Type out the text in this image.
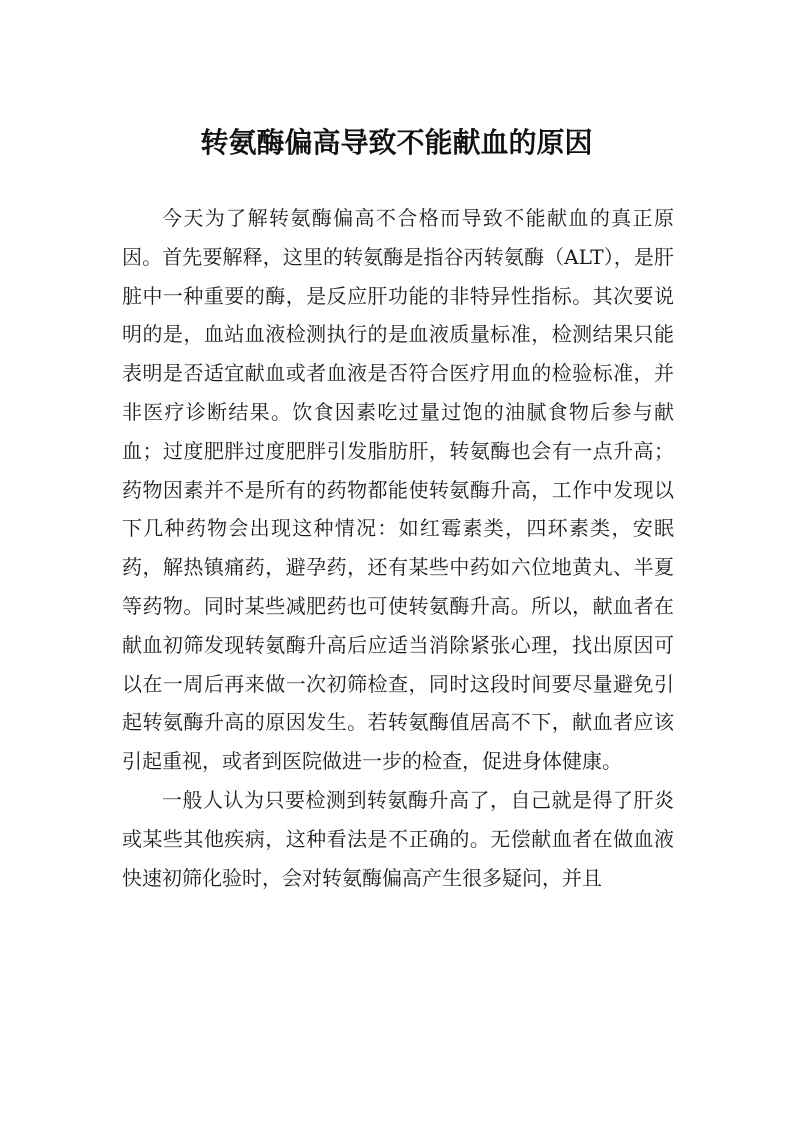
转氨酶偏高导致不能献血的原因

今天为了解转氨酶偏高不合格而导致不能献血的真正原因。首先要解释，这里的转氨酶是指谷丙转氨酶（ALT），是肝脏中一种重要的酶，是反应肝功能的非特异性指标。其次要说明的是，血站血液检测执行的是血液质量标准，检测结果只能表明是否适宜献血或者血液是否符合医疗用血的检验标准，并非医疗诊断结果。饮食因素吃过量过饱的油腻食物后参与献血；过度肥胖过度肥胖引发脂肪肝，转氨酶也会有一点升高；药物因素并不是所有的药物都能使转氨酶升高，工作中发现以下几种药物会出现这种情况：如红霉素类，四环素类，安眠药，解热镇痛药，避孕药，还有某些中药如六位地黄丸、半夏等药物。同时某些减肥药也可使转氨酶升高。所以，献血者在献血初筛发现转氨酶升高后应适当消除紧张心理，找出原因可以在一周后再来做一次初筛检查，同时这段时间要尽量避免引起转氨酶升高的原因发生。若转氨酶值居高不下，献血者应该引起重视，或者到医院做进一步的检查，促进身体健康。

一般人认为只要检测到转氨酶升高了，自己就是得了肝炎或某些其他疾病，这种看法是不正确的。无偿献血者在做血液快速初筛化验时，会对转氨酶偏高产生很多疑问，并且
